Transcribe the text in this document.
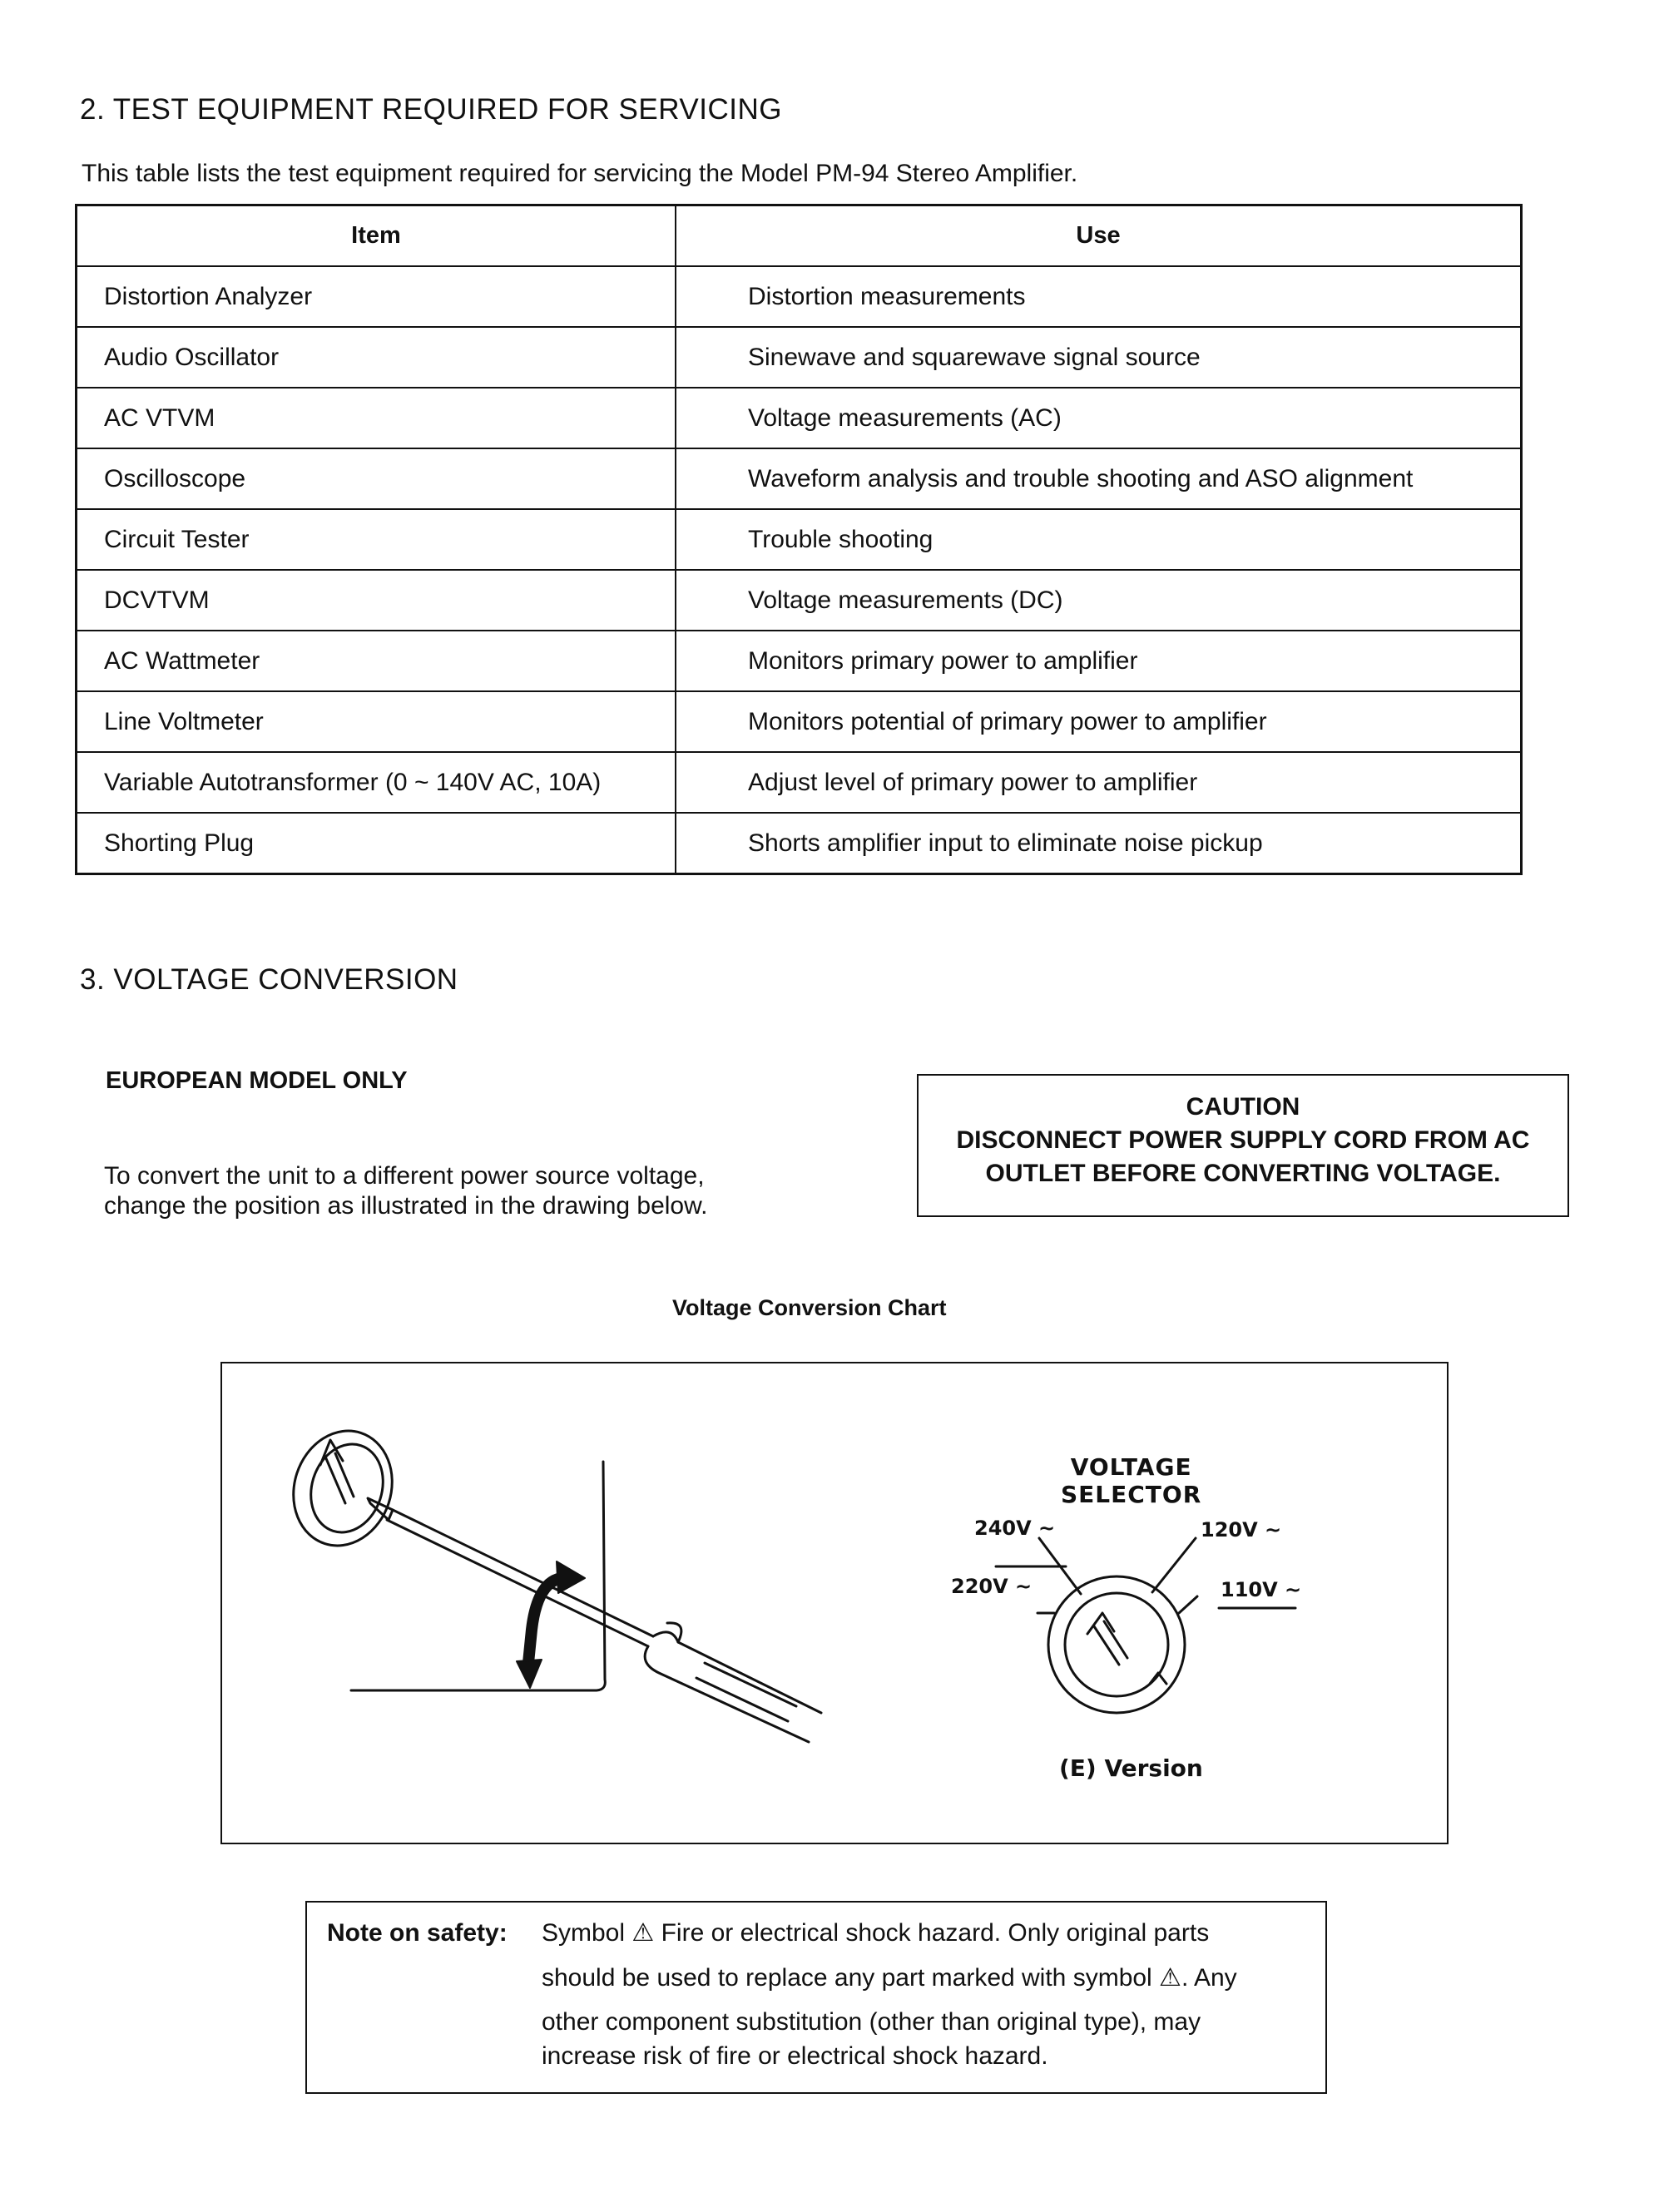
2. TEST EQUIPMENT REQUIRED FOR SERVICING
This table lists the test equipment required for servicing the Model PM-94 Stereo Amplifier.
Item	Use
Distortion Analyzer	Distortion measurements
Audio Oscillator	Sinewave and squarewave signal source
AC VTVM	Voltage measurements (AC)
Oscilloscope	Waveform analysis and trouble shooting and ASO alignment
Circuit Tester	Trouble shooting
DCVTVM	Voltage measurements (DC)
AC Wattmeter	Monitors primary power to amplifier
Line Voltmeter	Monitors potential of primary power to amplifier
Variable Autotransformer (0 ~ 140V AC, 10A)	Adjust level of primary power to amplifier
Shorting Plug	Shorts amplifier input to eliminate noise pickup
3. VOLTAGE CONVERSION
EUROPEAN MODEL ONLY
To convert the unit to a different power source voltage,
change the position as illustrated in the drawing below.
CAUTION
DISCONNECT POWER SUPPLY CORD FROM AC
OUTLET BEFORE CONVERTING VOLTAGE.
Voltage Conversion Chart
VOLTAGE
SELECTOR
240V ~	120V ~
220V ~	110V ~
(E) Version
Note on safety: Symbol ⚠ Fire or electrical shock hazard. Only original parts
should be used to replace any part marked with symbol ⚠. Any
other component substitution (other than original type), may
increase risk of fire or electrical shock hazard.
